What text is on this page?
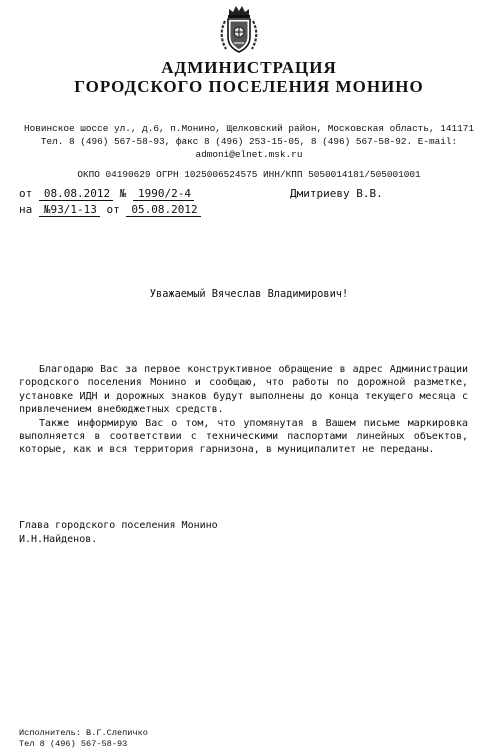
АДМИНИСТРАЦИЯ
ГОРОДСКОГО ПОСЕЛЕНИЯ МОНИНО
Новинское шоссе ул., д.6, п.Монино, Щелковский район, Московская область, 141171
Тел. 8 (496) 567-58-93, факс 8 (496) 253-15-05, 8 (496) 567-58-92. E-mail:
admoni@elnet.msk.ru
ОКПО 04190629 ОГРН 1025006524575 ИНН/КПП 5050014181/505001001
от 08.08.2012 № 1990/2-4	Дмитриеву В.В.
на №93/1-13 от 05.08.2012
Уважаемый Вячеслав Владимирович!

Благодарю Вас за первое конструктивное обращение в адрес Администрации городского поселения Монино и сообщаю, что работы по дорожной разметке, установке ИДН и дорожных знаков будут выполнены до конца текущего месяца с привлечением внебюджетных средств.

Также информирую Вас о том, что упомянутая в Вашем письме маркировка выполняется в соответствии с техническими паспортами линейных объектов, которые, как и вся территория гарнизона, в муниципалитет не переданы.

Глава городского поселения Монино
И.Н.Найденов.
Исполнитель: В.Г.Слепичко
Тел 8 (496) 567-58-93
